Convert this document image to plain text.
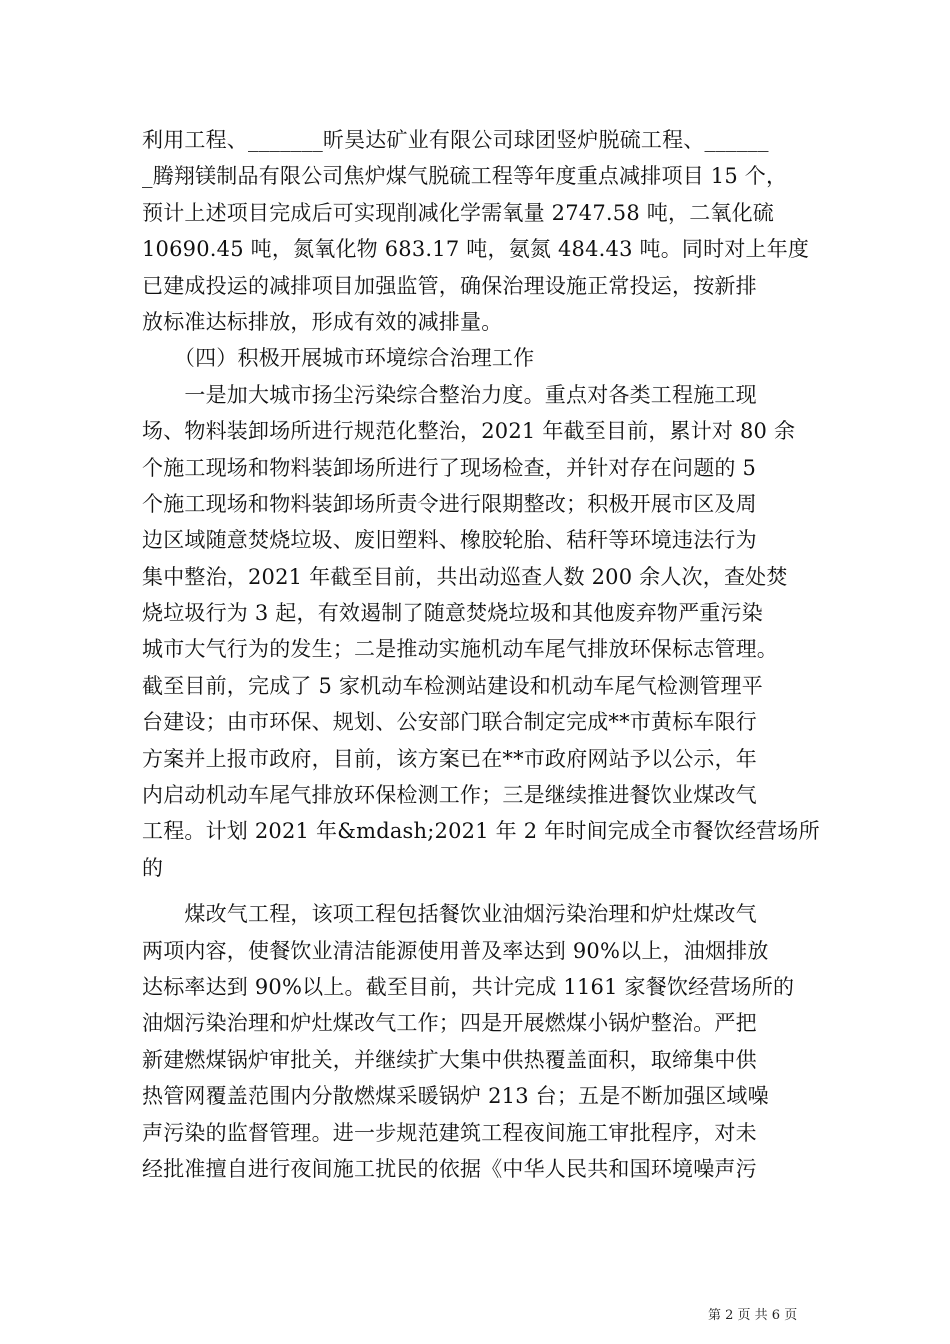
利用工程、_______昕昊达矿业有限公司球团竖炉脱硫工程、______
_腾翔镁制品有限公司焦炉煤气脱硫工程等年度重点减排项目 15 个，
预计上述项目完成后可实现削减化学需氧量 2747.58 吨，二氧化硫
10690.45 吨，氮氧化物 683.17 吨，氨氮 484.43 吨。同时对上年度
已建成投运的减排项目加强监管，确保治理设施正常投运，按新排
放标准达标排放，形成有效的减排量。
　　（四）积极开展城市环境综合治理工作
　　一是加大城市扬尘污染综合整治力度。重点对各类工程施工现
场、物料装卸场所进行规范化整治，2021 年截至目前，累计对 80 余
个施工现场和物料装卸场所进行了现场检查，并针对存在问题的 5
个施工现场和物料装卸场所责令进行限期整改；积极开展市区及周
边区域随意焚烧垃圾、废旧塑料、橡胶轮胎、秸秆等环境违法行为
集中整治，2021 年截至目前，共出动巡查人数 200 余人次，查处焚
烧垃圾行为 3 起，有效遏制了随意焚烧垃圾和其他废弃物严重污染
城市大气行为的发生；二是推动实施机动车尾气排放环保标志管理。
截至目前，完成了 5 家机动车检测站建设和机动车尾气检测管理平
台建设；由市环保、规划、公安部门联合制定完成**市黄标车限行
方案并上报市政府，目前，该方案已在**市政府网站予以公示，年
内启动机动车尾气排放环保检测工作；三是继续推进餐饮业煤改气
工程。计划 2021 年&mdash;2021 年 2 年时间完成全市餐饮经营场所
的
　　煤改气工程，该项工程包括餐饮业油烟污染治理和炉灶煤改气
两项内容，使餐饮业清洁能源使用普及率达到 90%以上，油烟排放
达标率达到 90%以上。截至目前，共计完成 1161 家餐饮经营场所的
油烟污染治理和炉灶煤改气工作；四是开展燃煤小锅炉整治。严把
新建燃煤锅炉审批关，并继续扩大集中供热覆盖面积，取缔集中供
热管网覆盖范围内分散燃煤采暖锅炉 213 台；五是不断加强区域噪
声污染的监督管理。进一步规范建筑工程夜间施工审批程序，对未
经批准擅自进行夜间施工扰民的依据《中华人民共和国环境噪声污
第 2 页 共 6 页
